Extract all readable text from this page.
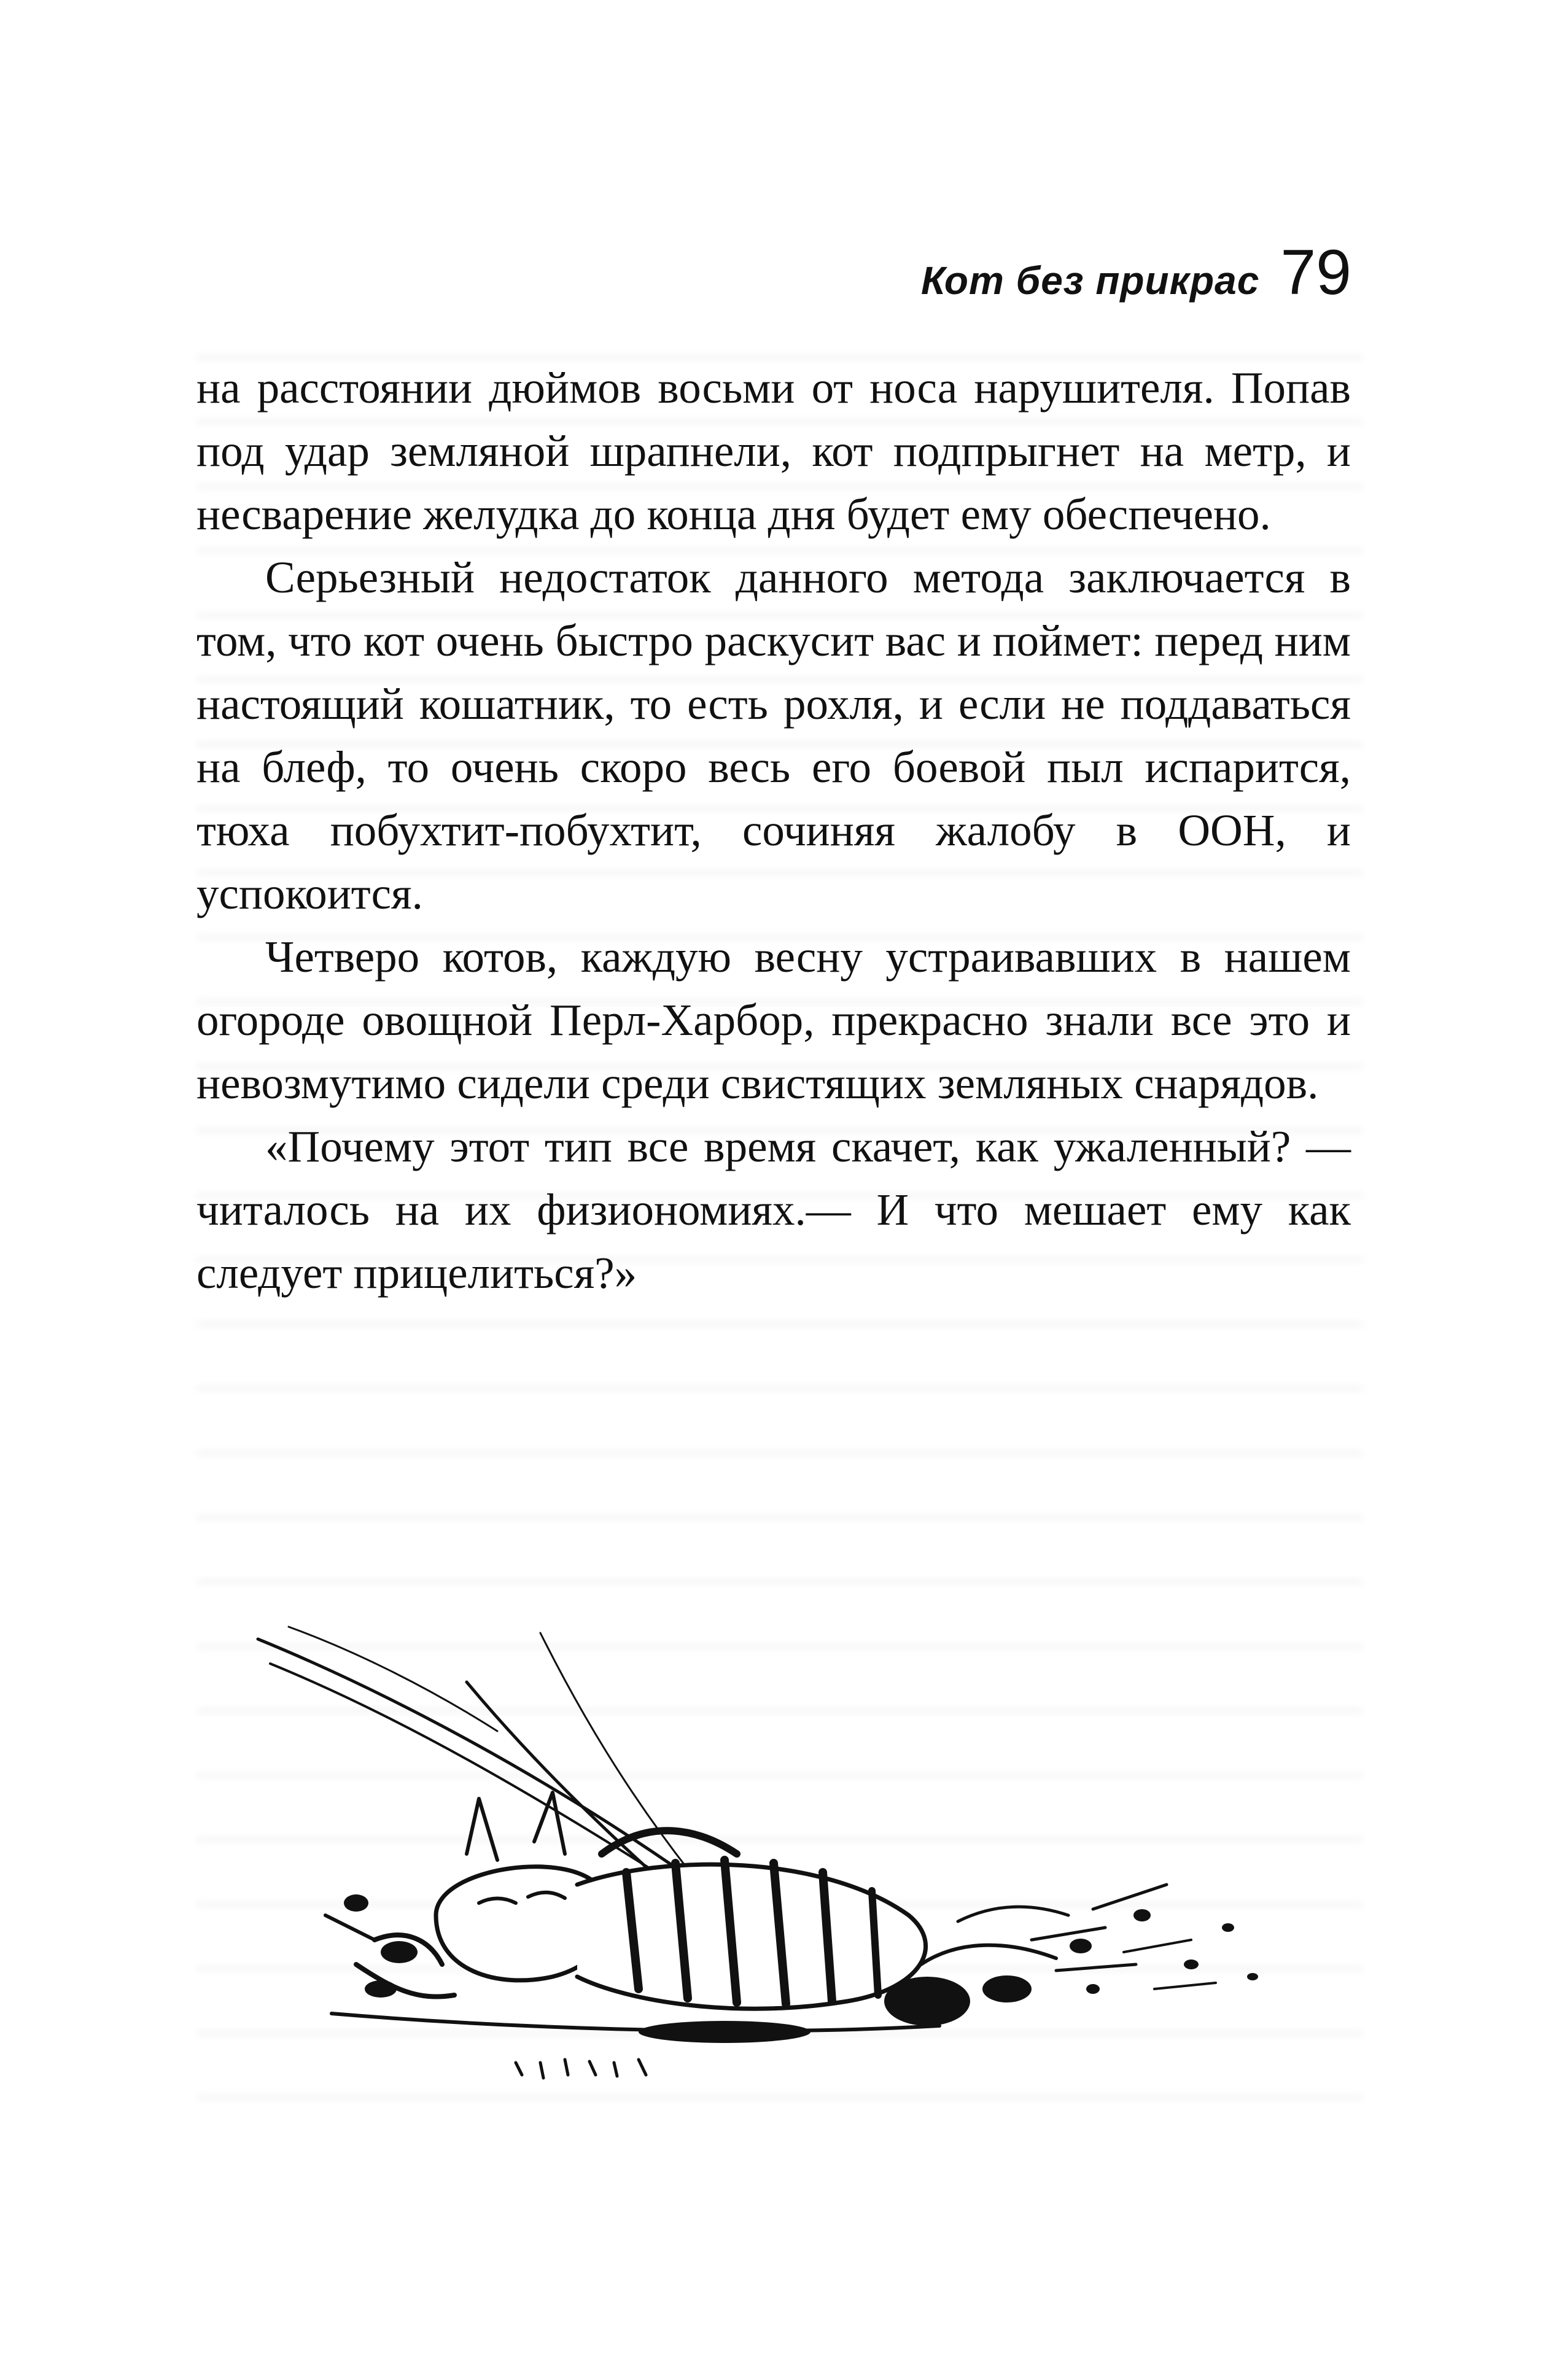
Кот без прикрас 79

на расстоянии дюймов восьми от носа нарушителя. Попав под удар земляной шрапнели, кот подпрыгнет на метр, и несварение желудка до конца дня будет ему обеспечено.

Серьезный недостаток данного метода заключается в том, что кот очень быстро раскусит вас и поймет: перед ним настоящий кошатник, то есть рохля, и если не поддаваться на блеф, то очень скоро весь его боевой пыл испарится, тюха побухтит-побухтит, сочиняя жалобу в ООН, и успокоится.

Четверо котов, каждую весну устраивавших в нашем огороде овощной Перл-Харбор, прекрасно знали все это и невозмутимо сидели среди свистящих земляных снарядов.

«Почему этот тип все время скачет, как ужаленный? — читалось на их физиономиях.— И что мешает ему как следует прицелиться?»
